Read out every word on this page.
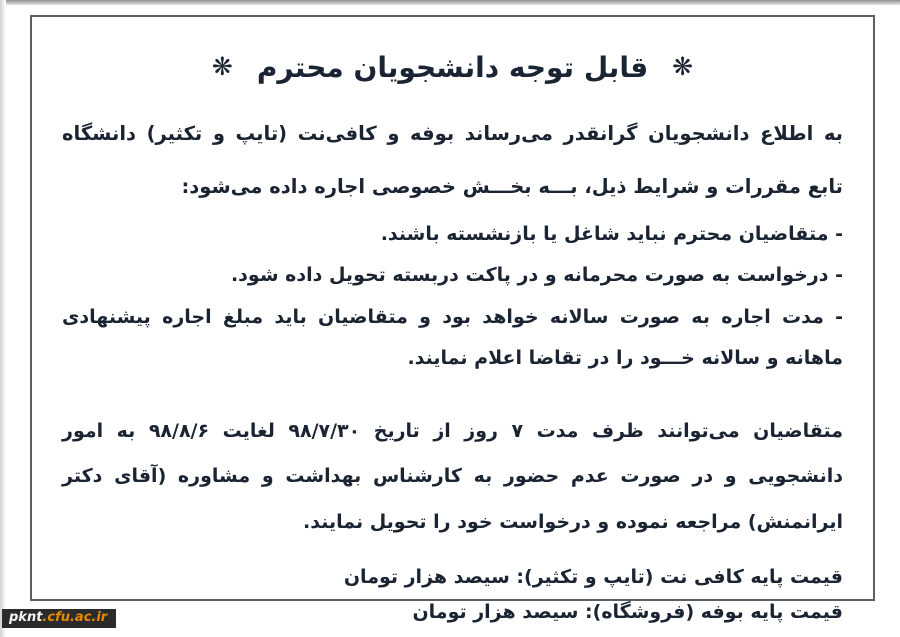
❋قابل توجه دانشجویان محترم❋

به اطلاع دانشجویان گرانقدر می‌رساند بوفه و کافی‌نت (تایپ و تکثیر) دانشگاه تابع مقررات و شرایط ذیل، بـــه بخـــش خصوصی اجاره داده می‌شود:

- متقاضیان محترم نباید شاغل یا بازنشسته باشند.

- درخواست به صورت محرمانه و در پاکت دربسته تحویل داده شود.

- مدت اجاره به صورت سالانه خواهد بود و متقاضیان باید مبلغ اجاره پیشنهادی ماهانه و سالانه خـــود را در تقاضا اعلام نمایند.

متقاضیان می‌توانند ظرف مدت ۷ روز از تاریخ ۹۸/۷/۳۰ لغایت ۹۸/۸/۶ به امور دانشجویی و در صورت عدم حضور به کارشناس بهداشت و مشاوره (آقای دکتر ایرانمنش) مراجعه نموده و درخواست خود را تحویل نمایند.

قیمت پایه کافی نت (تایپ و تکثیر): سیصد هزار تومان

قیمت پایه بوفه (فروشگاه): سیصد هزار تومان

pknt.cfu.ac.ir
